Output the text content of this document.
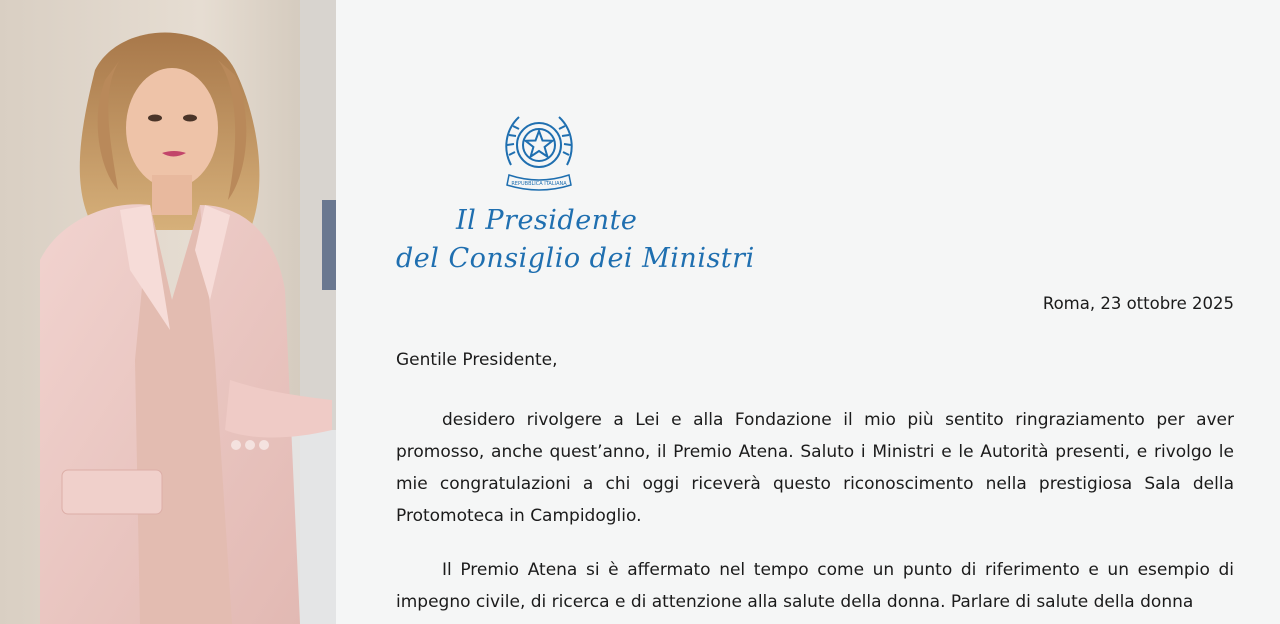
REPUBBLICA ITALIANA
Il Presidente
del Consiglio dei Ministri
Roma, 23 ottobre 2025
Gentile Presidente,

desidero rivolgere a Lei e alla Fondazione il mio più sentito ringraziamento per aver promosso, anche quest’anno, il Premio Atena. Saluto i Ministri e le Autorità presenti, e rivolgo le mie congratulazioni a chi oggi riceverà questo riconoscimento nella prestigiosa Sala della Protomoteca in Campidoglio.

Il Premio Atena si è affermato nel tempo come un punto di riferimento e un esempio di impegno civile, di ricerca e di attenzione alla salute della donna. Parlare di salute della donna
